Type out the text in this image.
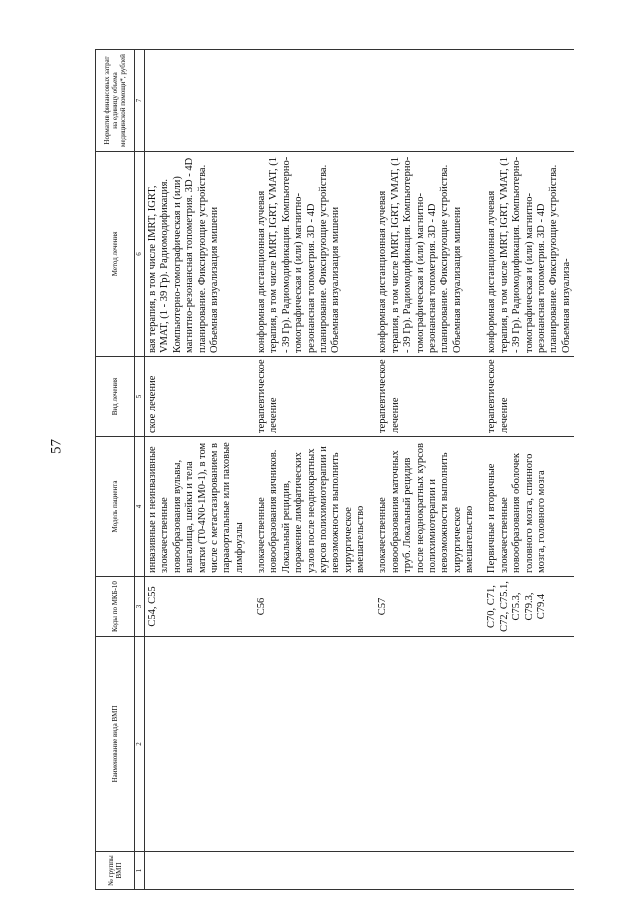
57
№ группы ВМП	Наименование вида ВМП	Коды по МКБ-10	Модель пациента	Вид лечения	Метод лечения	Норматив финансовых затрат на единицу объема медицинской помощи*, рублей
1	2	3	4	5	6	7
		С54, С55	инвазивные и неинвазивные злокачественные новообразования вульвы, влагалища, шейки и тела матки (T0-4N0-1M0-1), в том числе с метастазированием в парааортальные или паховые лимфоузлы	ское лечение	вая терапия, в том числе IMRT, IGRT, VMAT, (1 - 39 Гр). Радиомодификация. Компьютерно-томографическая и (или) магнитно-резонансная топометрия. 3D - 4D планирование. Фиксирующие устройства. Объемная визуализация мишени	

		С56	злокачественные новообразования яичников. Локальный рецидив, поражение лимфатических узлов после неоднократных курсов полихимиотерапии и невозможности выполнить хирургическое вмешательство	терапевтическое лечение	конформная дистанционная лучевая терапия, в том числе IMRT, IGRT, VMAT, (1 - 39 Гр). Радиомодификация. Компьютерно-томографическая и (или) магнитно-резонансная топометрия. 3D - 4D планирование. Фиксирующие устройства. Объемная визуализация мишени	

		С57	злокачественные новообразования маточных труб. Локальный рецидив после неоднократных курсов полихимиотерапии и невозможности выполнить хирургическое вмешательство	терапевтическое лечение	конформная дистанционная лучевая терапия, в том числе IMRT, IGRT, VMAT, (1 - 39 Гр). Радиомодификация. Компьютерно-томографическая и (или) магнитно-резонансная топометрия. 3D - 4D планирование. Фиксирующие устройства. Объемная визуализация мишени	

		С70, С71, С72, С75.1, С75.3, С79.3, С79.4	Первичные и вторичные злокачественные новообразования оболочек головного мозга, спинного мозга, головного мозга	терапевтическое лечение	конформная дистанционная лучевая терапия, в том числе IMRT, IGRT, VMAT, (1 - 39 Гр). Радиомодификация. Компьютерно-томографическая и (или) магнитно-резонансная топометрия. 3D - 4D планирование. Фиксирующие устройства. Объемная визуализа-	
